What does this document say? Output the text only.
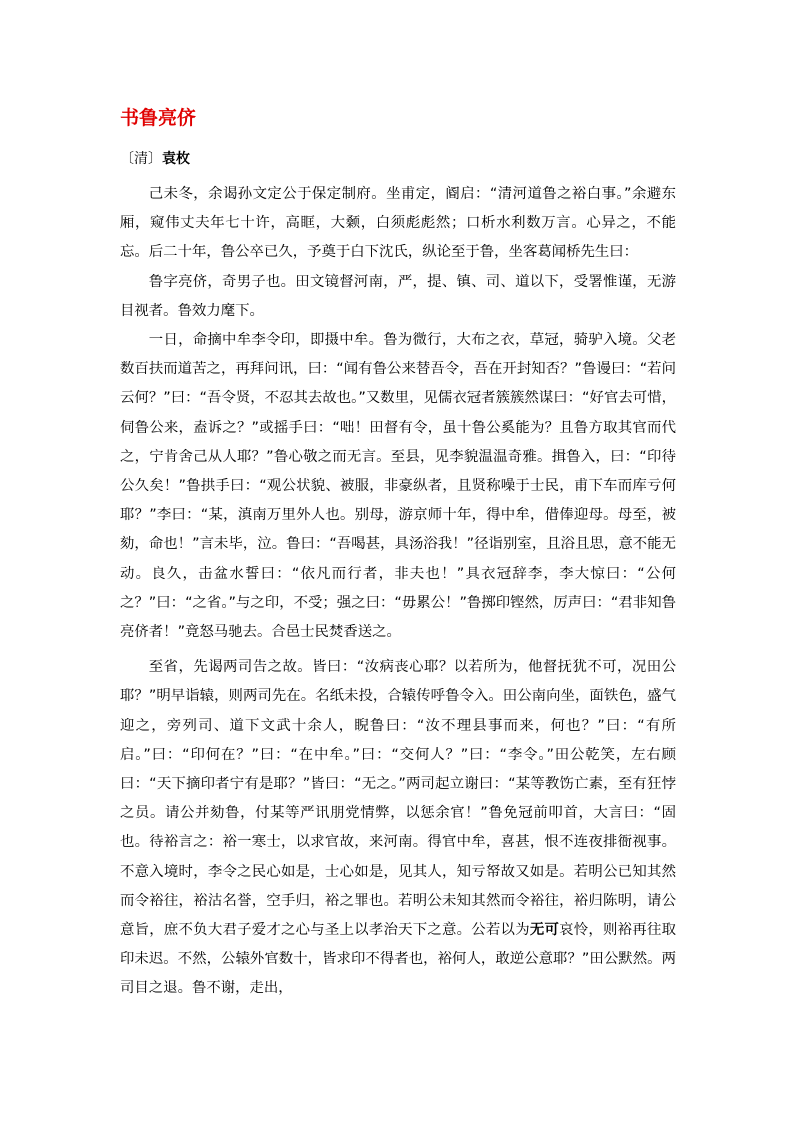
书鲁亮侪
〔清〕袁枚

己未冬，余谒孙文定公于保定制府。坐甫定，阍启：“清河道鲁之裕白事。”余避东厢，窥伟丈夫年七十许，高眶，大颡，白须彪彪然；口析水利数万言。心异之，不能忘。后二十年，鲁公卒已久，予奠于白下沈氏，纵论至于鲁，坐客葛闻桥先生曰：

鲁字亮侪，奇男子也。田文镜督河南，严，提、镇、司、道以下，受署惟谨，无游目视者。鲁效力麾下。

一日，命摘中牟李令印，即摄中牟。鲁为微行，大布之衣，草冠，骑驴入境。父老数百扶而道苦之，再拜问讯，曰：“闻有鲁公来替吾令，吾在开封知否？”鲁谩曰：“若问云何？”曰：“吾令贤，不忍其去故也。”又数里，见儒衣冠者簇簇然谋曰：“好官去可惜，伺鲁公来，盍诉之？”或摇手曰：“咄！田督有令，虽十鲁公奚能为？且鲁方取其官而代之，宁肯舍己从人耶？”鲁心敬之而无言。至县，见李貌温温奇雅。揖鲁入，曰：“印待公久矣！”鲁拱手曰：“观公状貌、被服，非豪纵者，且贤称噪于士民，甫下车而库亏何耶？”李曰：“某，滇南万里外人也。别母，游京师十年，得中牟，借俸迎母。母至，被劾，命也！”言未毕，泣。鲁曰：“吾喝甚，具汤浴我！”径诣别室，且浴且思，意不能无动。良久，击盆水誓曰：“依凡而行者，非夫也！”具衣冠辞李，李大惊曰：“公何之？”曰：“之省。”与之印，不受；强之曰：“毋累公！”鲁掷印铿然，厉声曰：“君非知鲁亮侪者！”竟怒马驰去。合邑士民焚香送之。

至省，先谒两司告之故。皆曰：“汝病丧心耶？以若所为，他督抚犹不可，况田公耶？”明早诣辕，则两司先在。名纸未投，合辕传呼鲁令入。田公南向坐，面铁色，盛气迎之，旁列司、道下文武十余人，睨鲁曰：“汝不理县事而来，何也？”曰：“有所启。”曰：“印何在？”曰：“在中牟。”曰：“交何人？”曰：“李令。”田公乾笑，左右顾曰：“天下摘印者宁有是耶？”皆曰：“无之。”两司起立谢曰：“某等教饬亡素，至有狂悖之员。请公并劾鲁，付某等严讯朋党情弊，以惩余官！”鲁免冠前叩首，大言曰：“固也。待裕言之：裕一寒士，以求官故，来河南。得官中牟，喜甚，恨不连夜排衙视事。不意入境时，李令之民心如是，士心如是，见其人，知亏帑故又如是。若明公已知其然而令裕往，裕沽名誉，空手归，裕之罪也。若明公未知其然而令裕往，裕归陈明，请公意旨，庶不负大君子爱才之心与圣上以孝治天下之意。公若以为无可哀怜，则裕再往取印未迟。不然，公辕外官数十，皆求印不得者也，裕何人，敢逆公意耶？”田公默然。两司目之退。鲁不谢，走出，
